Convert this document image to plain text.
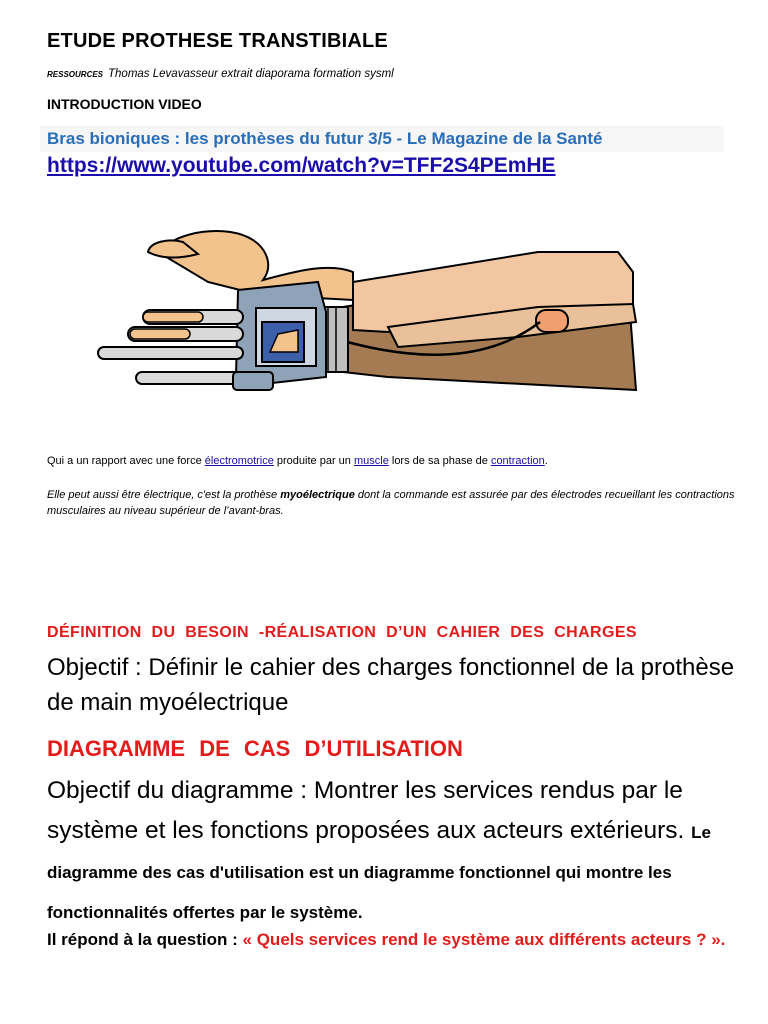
ETUDE PROTHESE TRANSTIBIALE
RESSOURCES Thomas Levavasseur extrait diaporama formation sysml
INTRODUCTION VIDEO
Bras bioniques : les prothèses du futur 3/5 - Le Magazine de la Santé
https://www.youtube.com/watch?v=TFF2S4PEmHE
Qui a un rapport avec une force électromotrice produite par un muscle lors de sa phase de contraction.
Elle peut aussi être électrique, c'est la prothèse myoélectrique dont la commande est assurée par des électrodes recueillant les contractions musculaires au niveau supérieur de l’avant-bras.
DÉFINITION DU BESOIN -RÉALISATION D’UN CAHIER DES CHARGES
Objectif : Définir le cahier des charges fonctionnel de la prothèse de main myoélectrique
DIAGRAMME DE CAS D’UTILISATION
Objectif du diagramme : Montrer les services rendus par le système et les fonctions proposées aux acteurs extérieurs. Le diagramme des cas d'utilisation est un diagramme fonctionnel qui montre les fonctionnalités offertes par le système.
Il répond à la question : « Quels services rend le système aux différents acteurs ? ».
